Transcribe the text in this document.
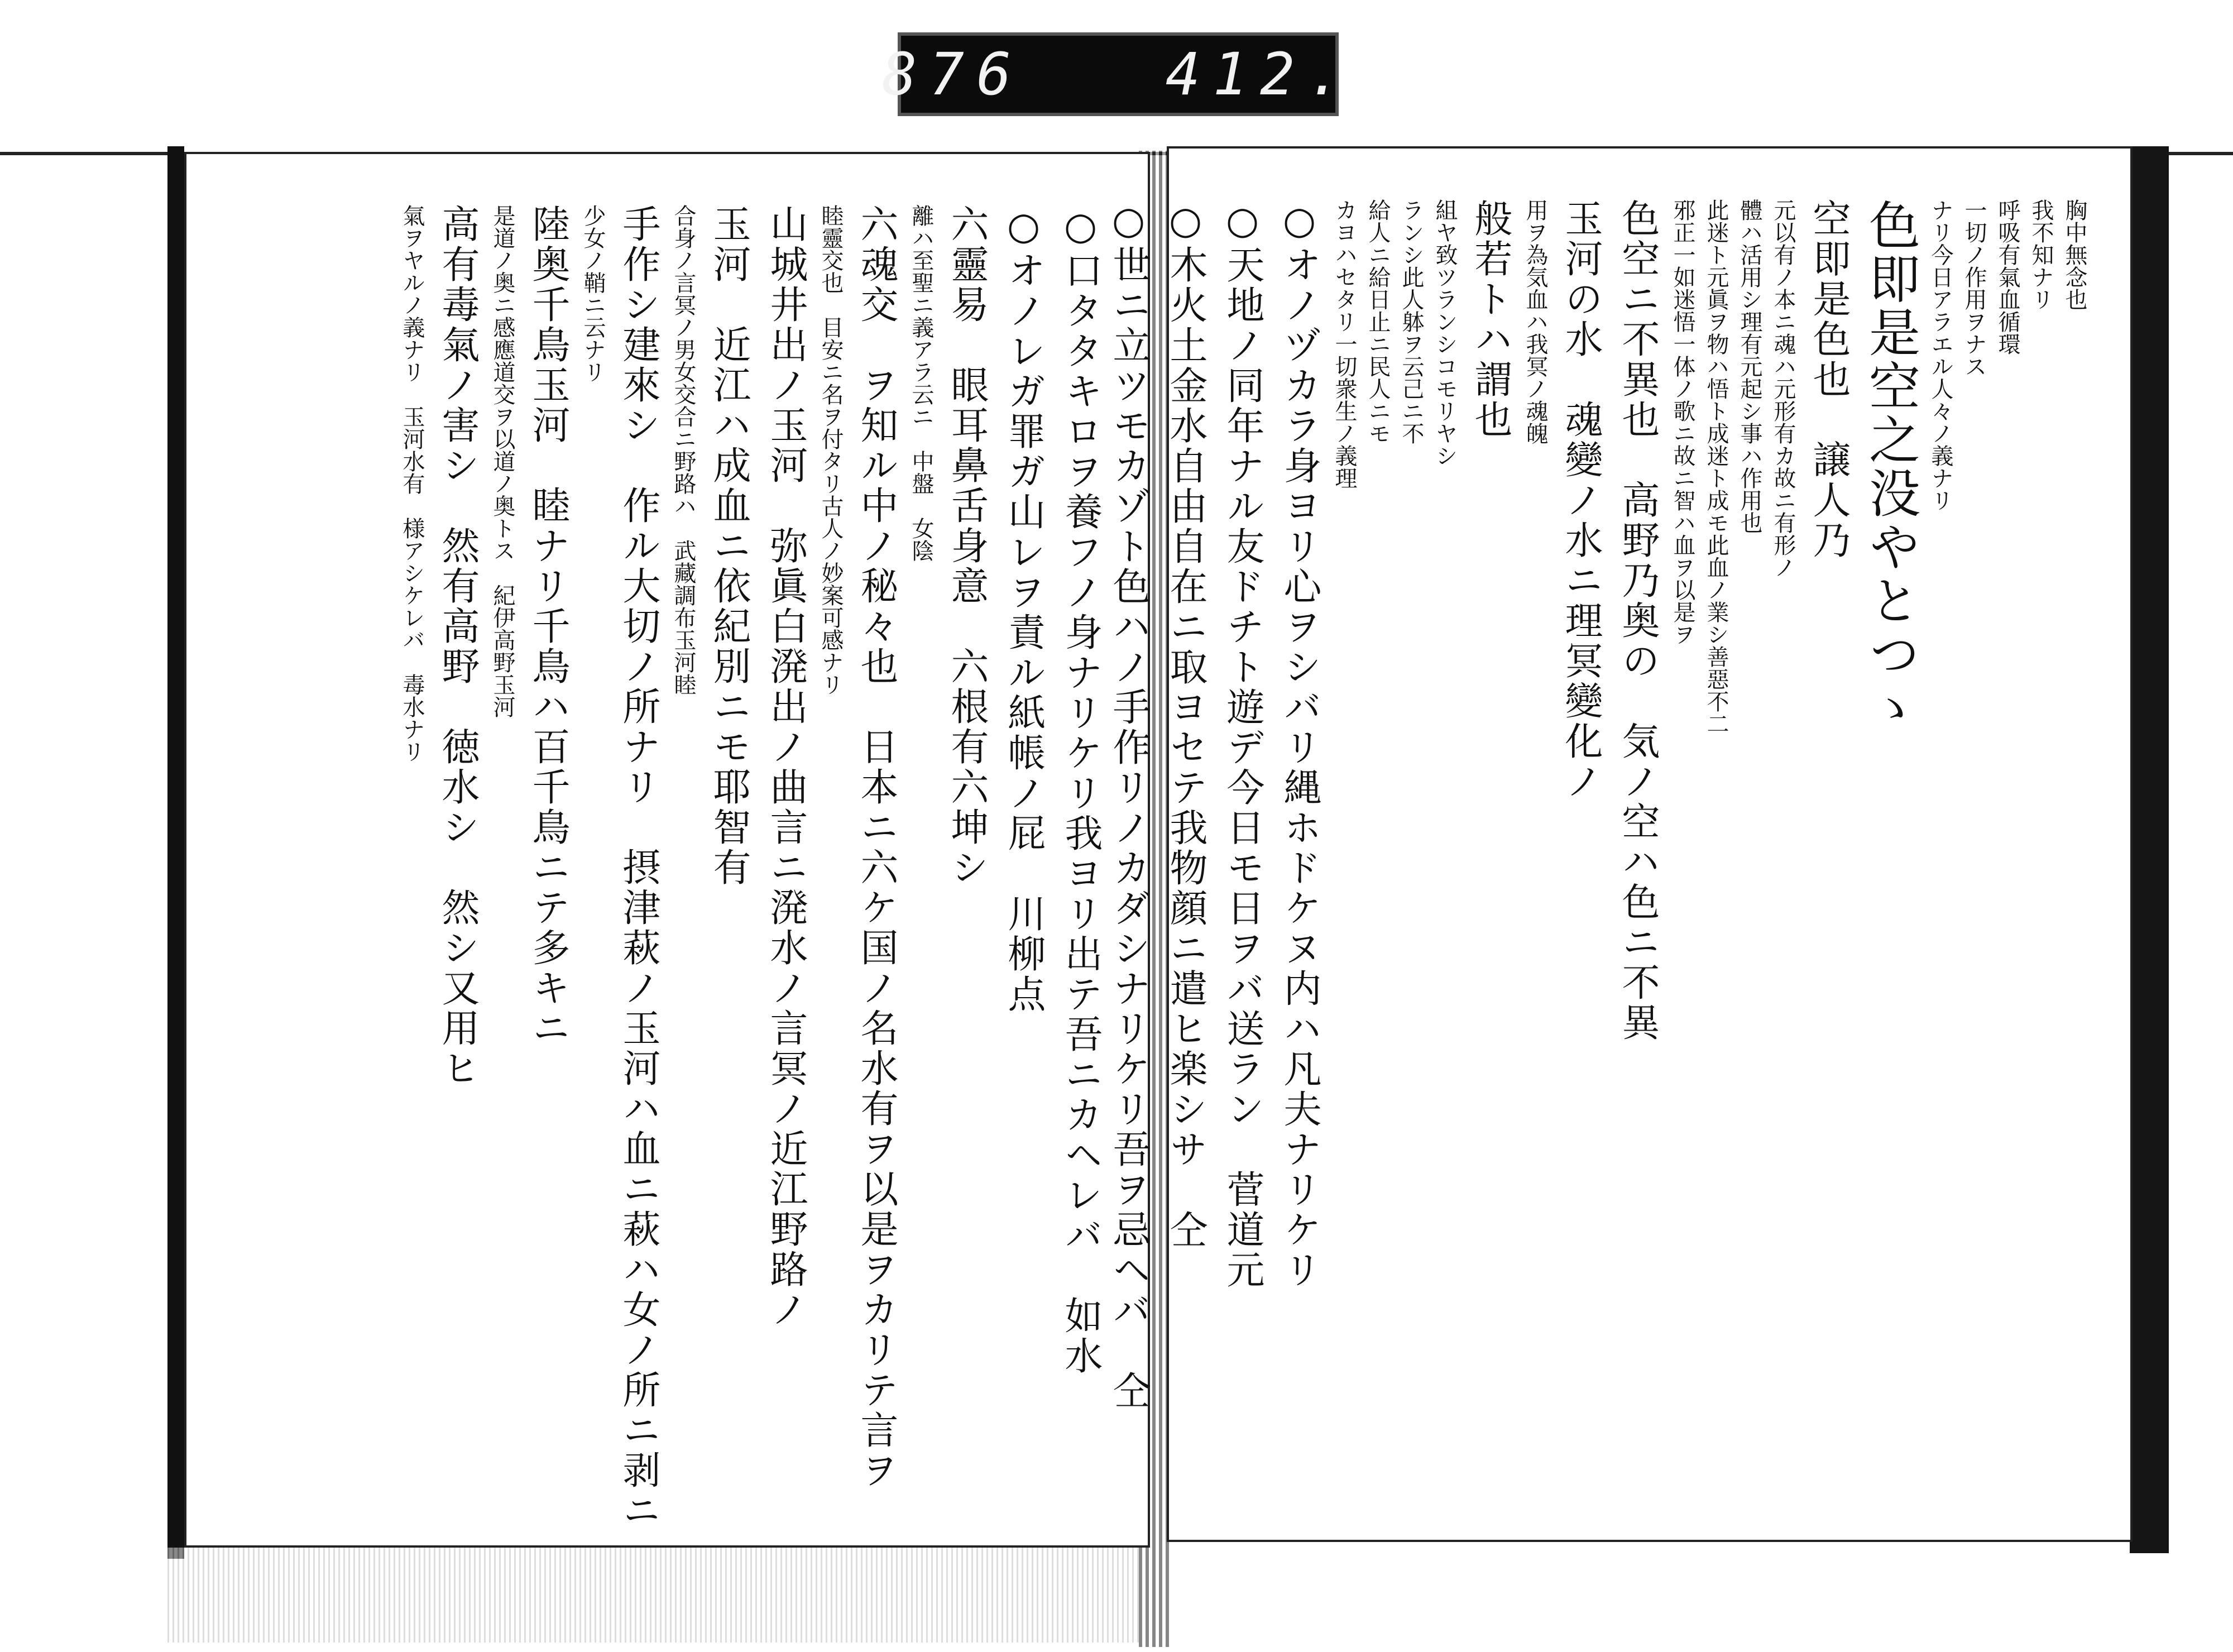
876   412.
○口タタキロヲ養フノ身ナリケリ我ヨリ出テ吾ニカヘレバ　如水
○オノレガ罪ガ山レヲ責ル紙帳ノ屁　川柳点
六靈易　眼耳鼻舌身意　六根有六坤シ
離ハ至聖ニ義アラ云ニ　中盤　女陰
六魂交　ヲ知ル中ノ秘々也　日本ニ六ケ国ノ名水有ヲ以是ヲカリテ言ヲ
睦靈交也　目安ニ名ヲ付タリ古人ノ妙案可感ナリ
山城井出ノ玉河　弥眞白溌出ノ曲言ニ溌水ノ言冥ノ近江野路ノ
玉河　近江ハ成血ニ依紀別ニモ耶智有
合身ノ言冥ノ男女交合ニ野路ハ　武藏調布玉河睦
手作シ建來シ　作ル大切ノ所ナリ　摂津萩ノ玉河ハ血ニ萩ハ女ノ所ニ剥ニ
少女ノ鞘ニ云ナリ
陸奥千鳥玉河　睦ナリ千鳥ハ百千鳥ニテ多キニ
是道ノ奥ニ感應道交ヲ以道ノ奥トス　紀伊高野玉河
高有毒氣ノ害シ　然有高野　徳水シ　然シ又用ヒ
氣ヲヤルノ義ナリ　玉河水有　様アシケレバ　毒水ナリ	胸中無念也
我不知ナリ
呼吸有氣血循環
一切ノ作用ヲナス
ナリ今日アラエル人々ノ義ナリ
色即是空之没やとつゝ
空即是色也　譲人乃
元以有ノ本ニ魂ハ元形有カ故ニ有形ノ
體ハ活用シ理有元起シ事ハ作用也
此迷ト元眞ヲ物ハ悟ト成迷ト成モ此血ノ業シ善惡不二
邪正一如迷悟一体ノ歌ニ故ニ智ハ血ヲ以是ヲ
色空ニ不異也　高野乃奥の　気ノ空ハ色ニ不異
玉河の水　魂變ノ水ニ理冥變化ノ
用ヲ為気血ハ我冥ノ魂魄
般若トハ謂也
組ヤ致ツランシコモリヤシ
ランシ此人躰ヲ云己ニ不
給人ニ給日止ニ民人ニモ
カヨハセタリ一切衆生ノ義理
○オノヅカラ身ヨリ心ヲシバリ縄ホドケヌ内ハ凡夫ナリケリ
○天地ノ同年ナル友ドチト遊デ今日モ日ヲバ送ラン　菅道元
○木火土金水自由自在ニ取ヨセテ我物顔ニ遣ヒ楽シサ　仝
○世ニ立ツモカゾト色ハノ手作リノカダシナリケリ吾ヲ忌ヘバ　仝
